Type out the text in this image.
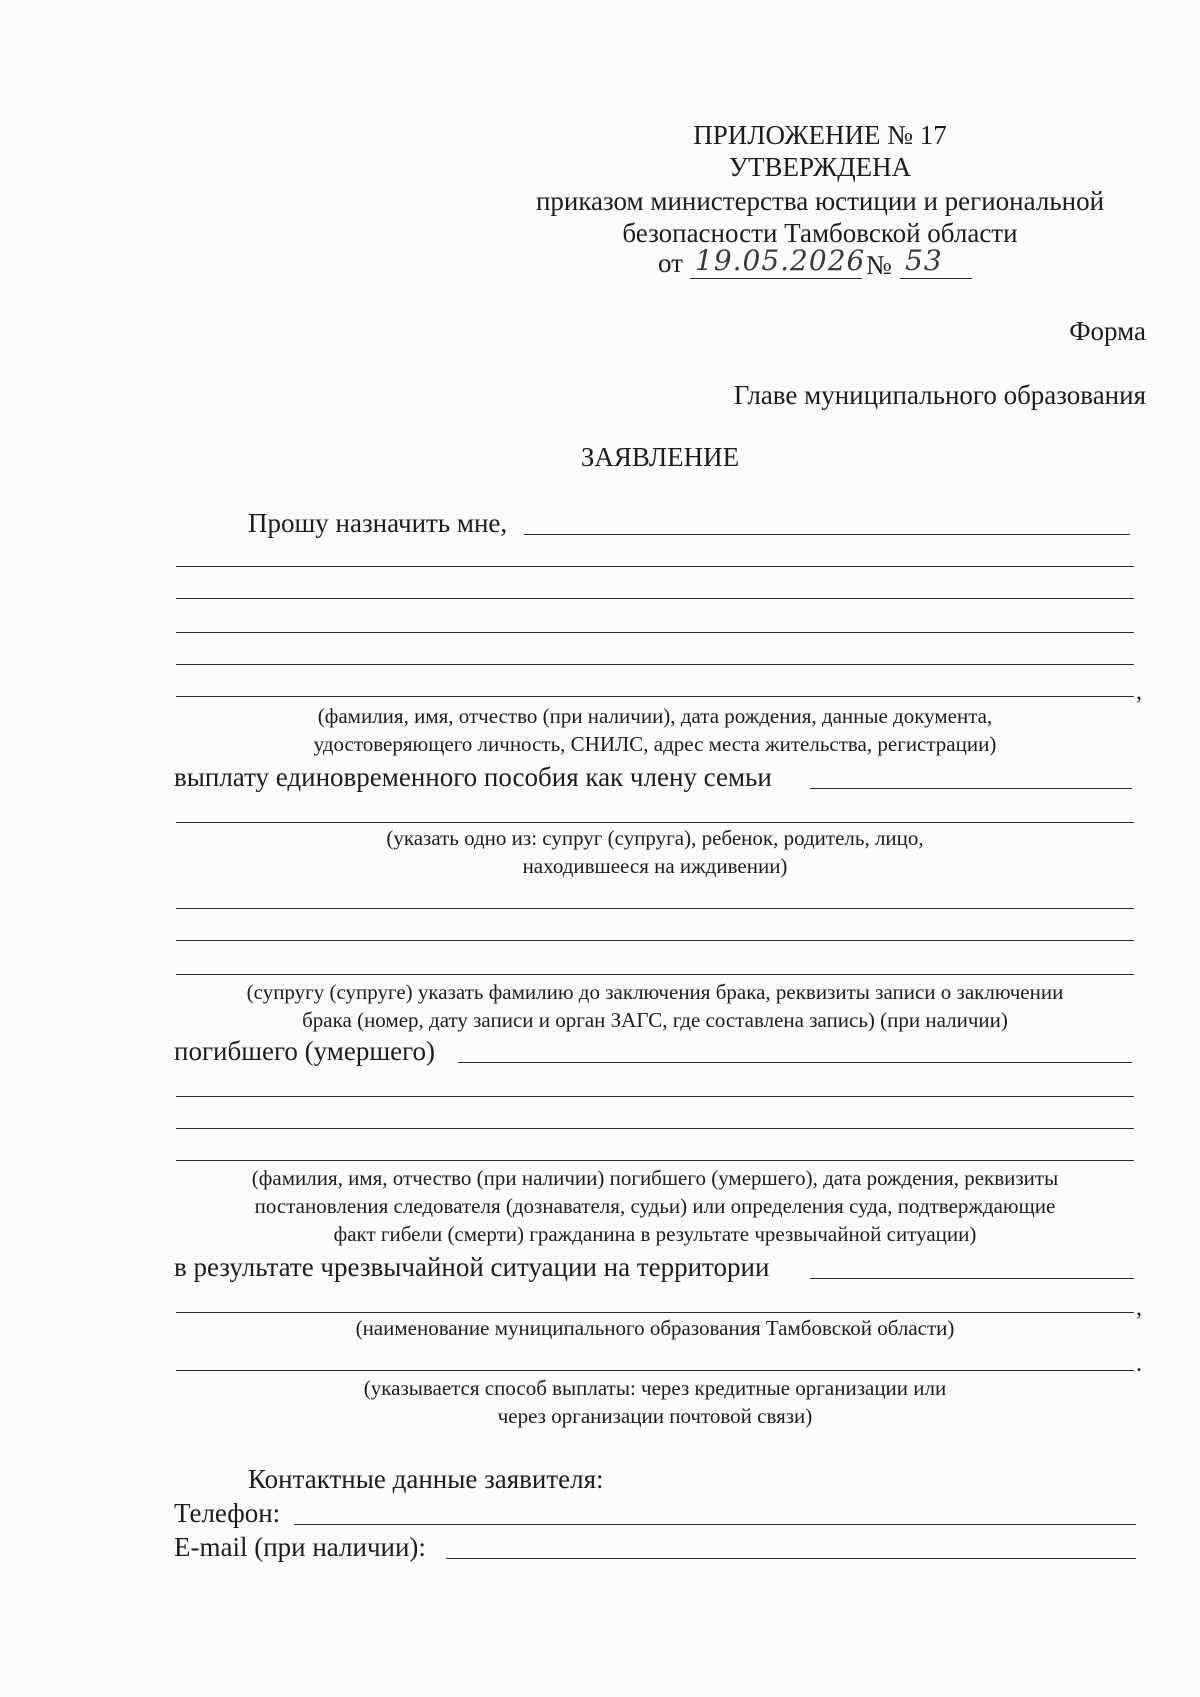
ПРИЛОЖЕНИЕ № 17
УТВЕРЖДЕНА
приказом министерства юстиции и региональной
безопасности Тамбовской области
от 19.05.2026 № 53
Форма
Главе муниципального образования
ЗАЯВЛЕНИЕ
Прошу назначить мне,
,
(фамилия, имя, отчество (при наличии), дата рождения, данные документа,
удостоверяющего личность, СНИЛС, адрес места жительства, регистрации)
выплату единовременного пособия как члену семьи
(указать одно из: супруг (супруга), ребенок, родитель, лицо,
находившееся на иждивении)
(супругу (супруге) указать фамилию до заключения брака, реквизиты записи о заключении
брака (номер, дату записи и орган ЗАГС, где составлена запись) (при наличии)
погибшего (умершего)
(фамилия, имя, отчество (при наличии) погибшего (умершего), дата рождения, реквизиты
постановления следователя (дознавателя, судьи) или определения суда, подтверждающие
факт гибели (смерти) гражданина в результате чрезвычайной ситуации)
в результате чрезвычайной ситуации на территории
,
(наименование муниципального образования Тамбовской области)
.
(указывается способ выплаты: через кредитные организации или
через организации почтовой связи)
Контактные данные заявителя:
Телефон:
E-mail (при наличии):
